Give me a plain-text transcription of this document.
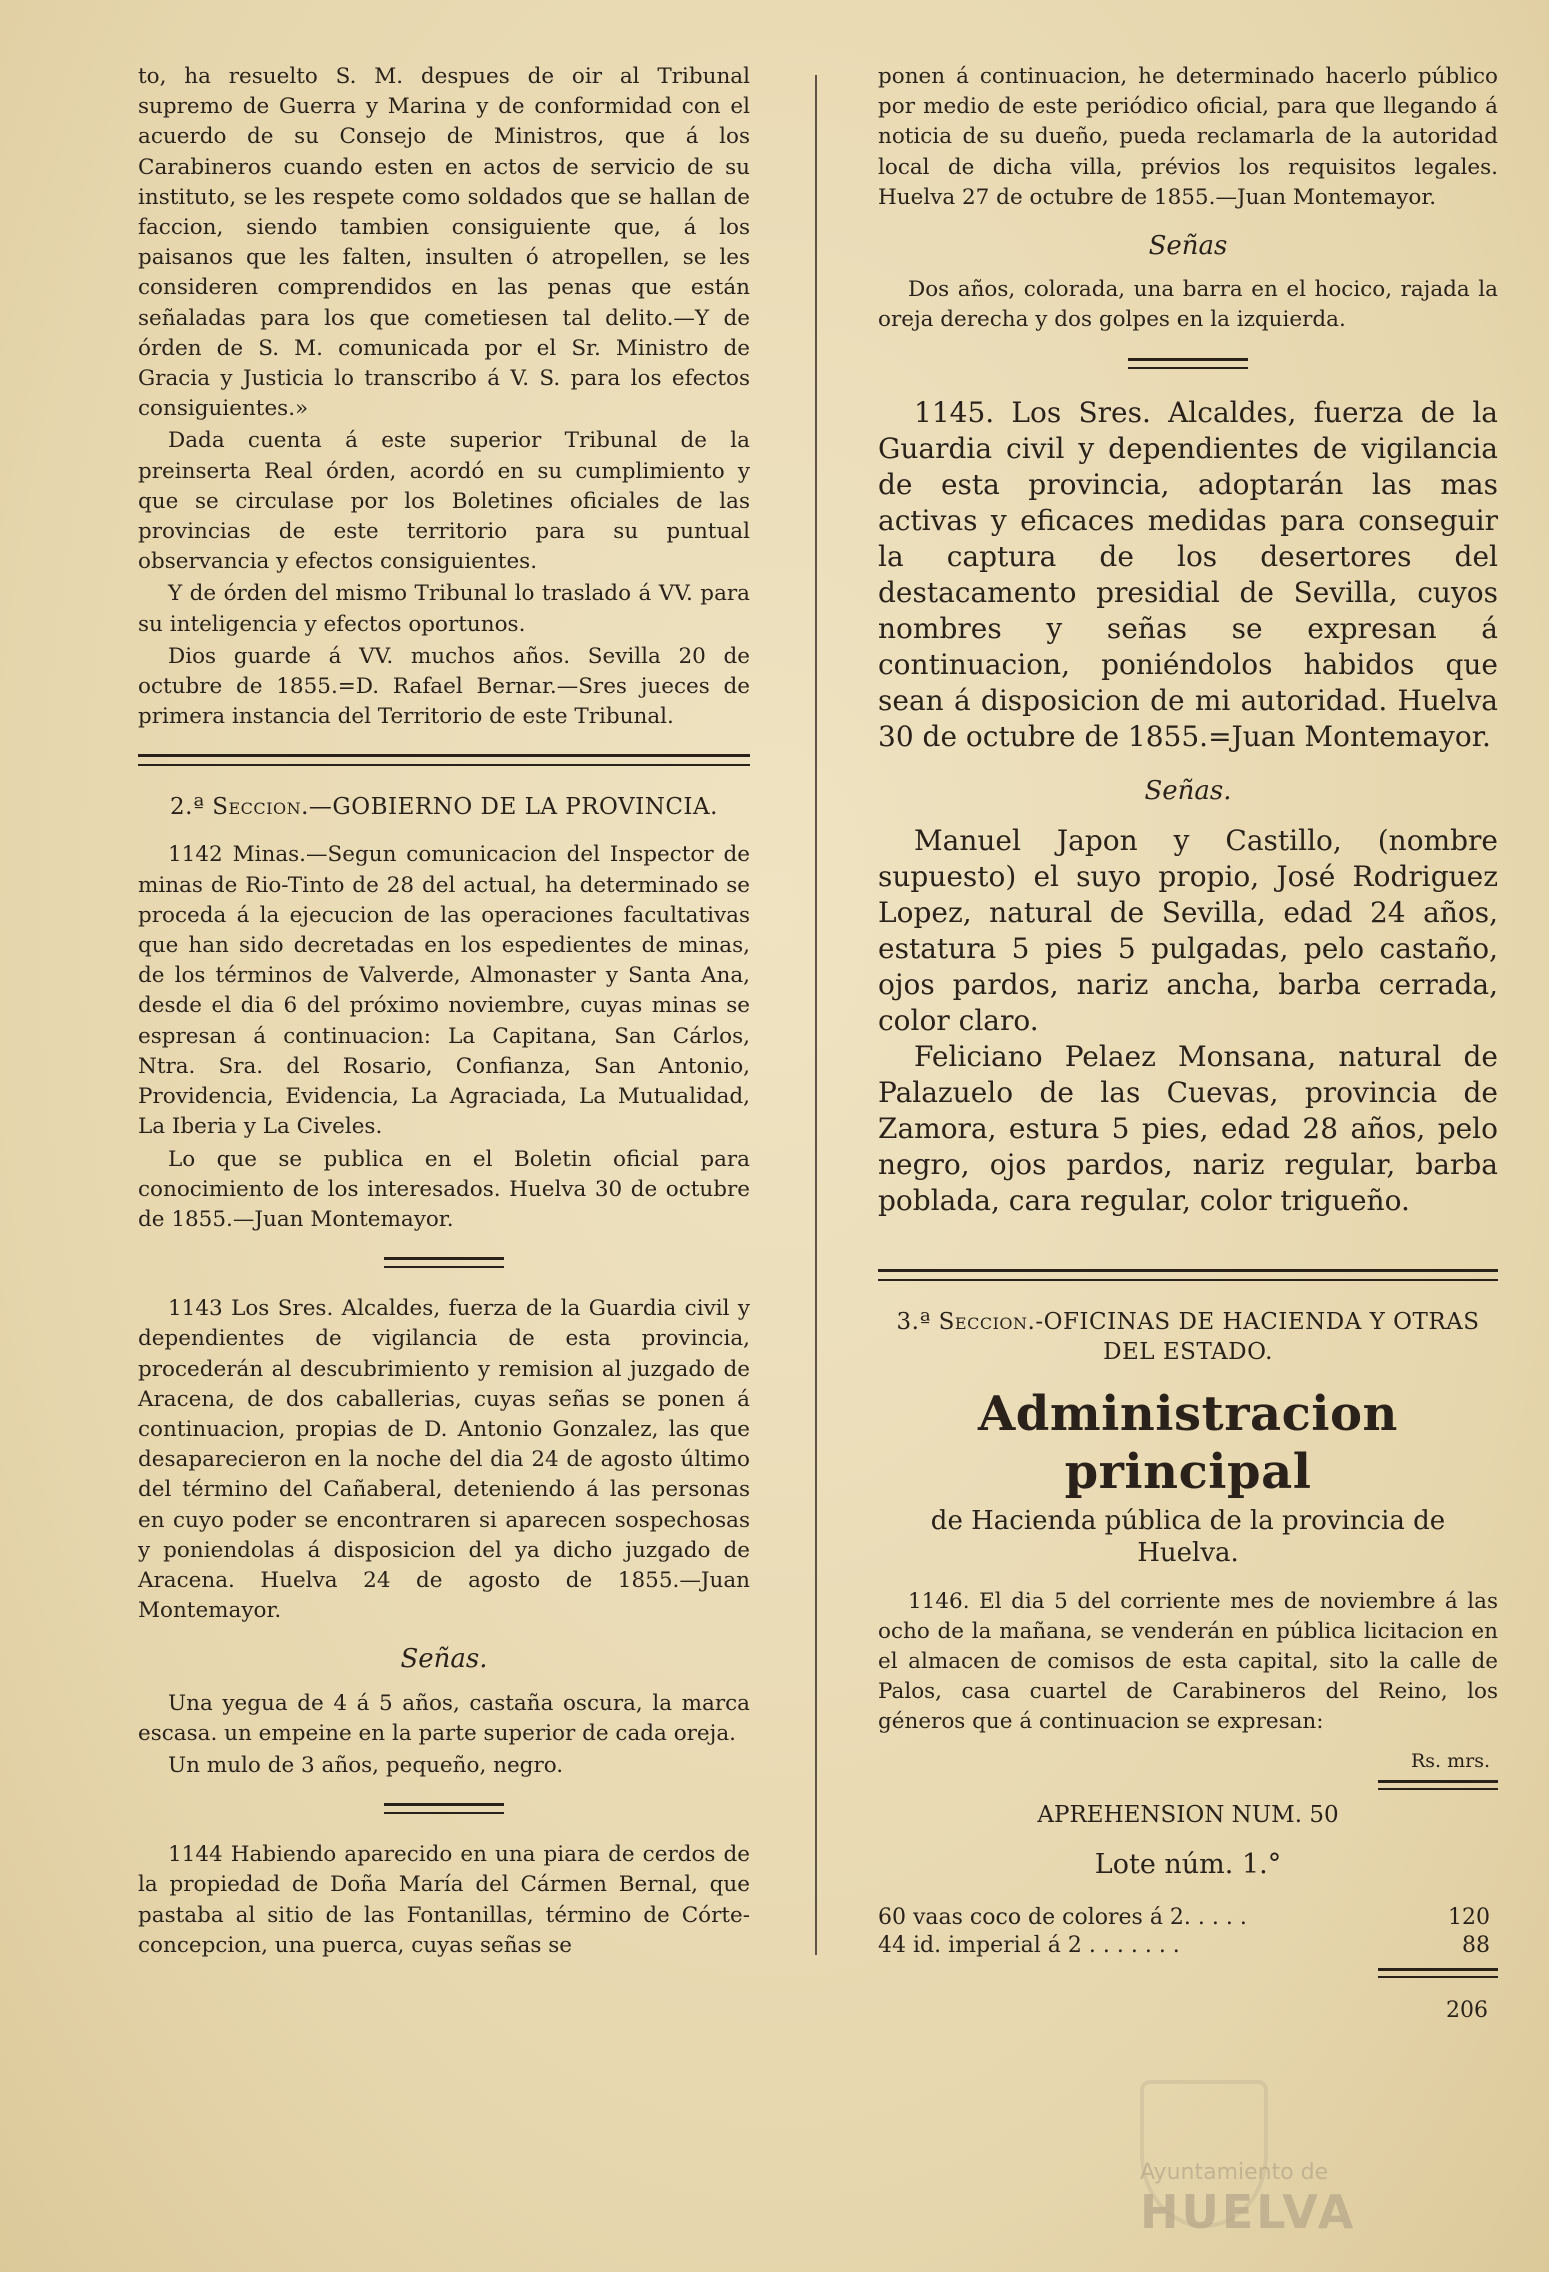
to, ha resuelto S. M. despues de oir al Tribunal supremo de Guerra y Marina y de conformidad con el acuerdo de su Consejo de Ministros, que á los Carabineros cuando esten en actos de servicio de su instituto, se les respete como soldados que se hallan de faccion, siendo tambien consiguiente que, á los paisanos que les falten, insulten ó atropellen, se les consideren comprendidos en las penas que están señaladas para los que cometiesen tal delito.—Y de órden de S. M. comunicada por el Sr. Ministro de Gracia y Justicia lo transcribo á V. S. para los efectos consiguientes.»

Dada cuenta á este superior Tribunal de la preinserta Real órden, acordó en su cumplimiento y que se circulase por los Boletines oficiales de las provincias de este territorio para su puntual observancia y efectos consiguientes.

Y de órden del mismo Tribunal lo traslado á VV. para su inteligencia y efectos oportunos.

Dios guarde á VV. muchos años. Sevilla 20 de octubre de 1855.=D. Rafael Bernar.—Sres jueces de primera instancia del Territorio de este Tribunal.

2.ª Seccion.—GOBIERNO DE LA PROVINCIA.

1142 Minas.—Segun comunicacion del Inspector de minas de Rio-Tinto de 28 del actual, ha determinado se proceda á la ejecucion de las operaciones facultativas que han sido decretadas en los espedientes de minas, de los términos de Valverde, Almonaster y Santa Ana, desde el dia 6 del próximo noviembre, cuyas minas se espresan á continuacion: La Capitana, San Cárlos, Ntra. Sra. del Rosario, Confianza, San Antonio, Providencia, Evidencia, La Agraciada, La Mutualidad, La Iberia y La Civeles.

Lo que se publica en el Boletin oficial para conocimiento de los interesados. Huelva 30 de octubre de 1855.—Juan Montemayor.

1143 Los Sres. Alcaldes, fuerza de la Guardia civil y dependientes de vigilancia de esta provincia, procederán al descubrimiento y remision al juzgado de Aracena, de dos caballerias, cuyas señas se ponen á continuacion, propias de D. Antonio Gonzalez, las que desaparecieron en la noche del dia 24 de agosto último del término del Cañaberal, deteniendo á las personas en cuyo poder se encontraren si aparecen sospechosas y poniendolas á disposicion del ya dicho juzgado de Aracena. Huelva 24 de agosto de 1855.—Juan Montemayor.

Señas.

Una yegua de 4 á 5 años, castaña oscura, la marca escasa. un empeine en la parte superior de cada oreja.

Un mulo de 3 años, pequeño, negro.

1144 Habiendo aparecido en una piara de cerdos de la propiedad de Doña María del Cármen Bernal, que pastaba al sitio de las Fontanillas, término de Córte-concepcion, una puerca, cuyas señas se

ponen á continuacion, he determinado hacerlo público por medio de este periódico oficial, para que llegando á noticia de su dueño, pueda reclamarla de la autoridad local de dicha villa, prévios los requisitos legales. Huelva 27 de octubre de 1855.—Juan Montemayor.

Señas

Dos años, colorada, una barra en el hocico, rajada la oreja derecha y dos golpes en la izquierda.

1145. Los Sres. Alcaldes, fuerza de la Guardia civil y dependientes de vigilancia de esta provincia, adoptarán las mas activas y eficaces medidas para conseguir la captura de los desertores del destacamento presidial de Sevilla, cuyos nombres y señas se expresan á continuacion, poniéndolos habidos que sean á disposicion de mi autoridad. Huelva 30 de octubre de 1855.=Juan Montemayor.

Señas.

Manuel Japon y Castillo, (nombre supuesto) el suyo propio, José Rodriguez Lopez, natural de Sevilla, edad 24 años, estatura 5 pies 5 pulgadas, pelo castaño, ojos pardos, nariz ancha, barba cerrada, color claro.

Feliciano Pelaez Monsana, natural de Palazuelo de las Cuevas, provincia de Zamora, estura 5 pies, edad 28 años, pelo negro, ojos pardos, nariz regular, barba poblada, cara regular, color trigueño.

3.ª Seccion.-OFICINAS DE HACIENDA Y OTRAS DEL ESTADO.
Administracion principal
de Hacienda pública de la provincia de Huelva.

1146. El dia 5 del corriente mes de noviembre á las ocho de la mañana, se venderán en pública licitacion en el almacen de comisos de esta capital, sito la calle de Palos, casa cuartel de Carabineros del Reino, los géneros que á continuacion se expresan:

Rs. mrs.
APREHENSION NUM. 50
Lote núm. 1.°
60 vaas coco de colores á 2. . . . .	120
44 id. imperial á 2 . . . . . . .	88
206
Ayuntamiento de
HUELVA
